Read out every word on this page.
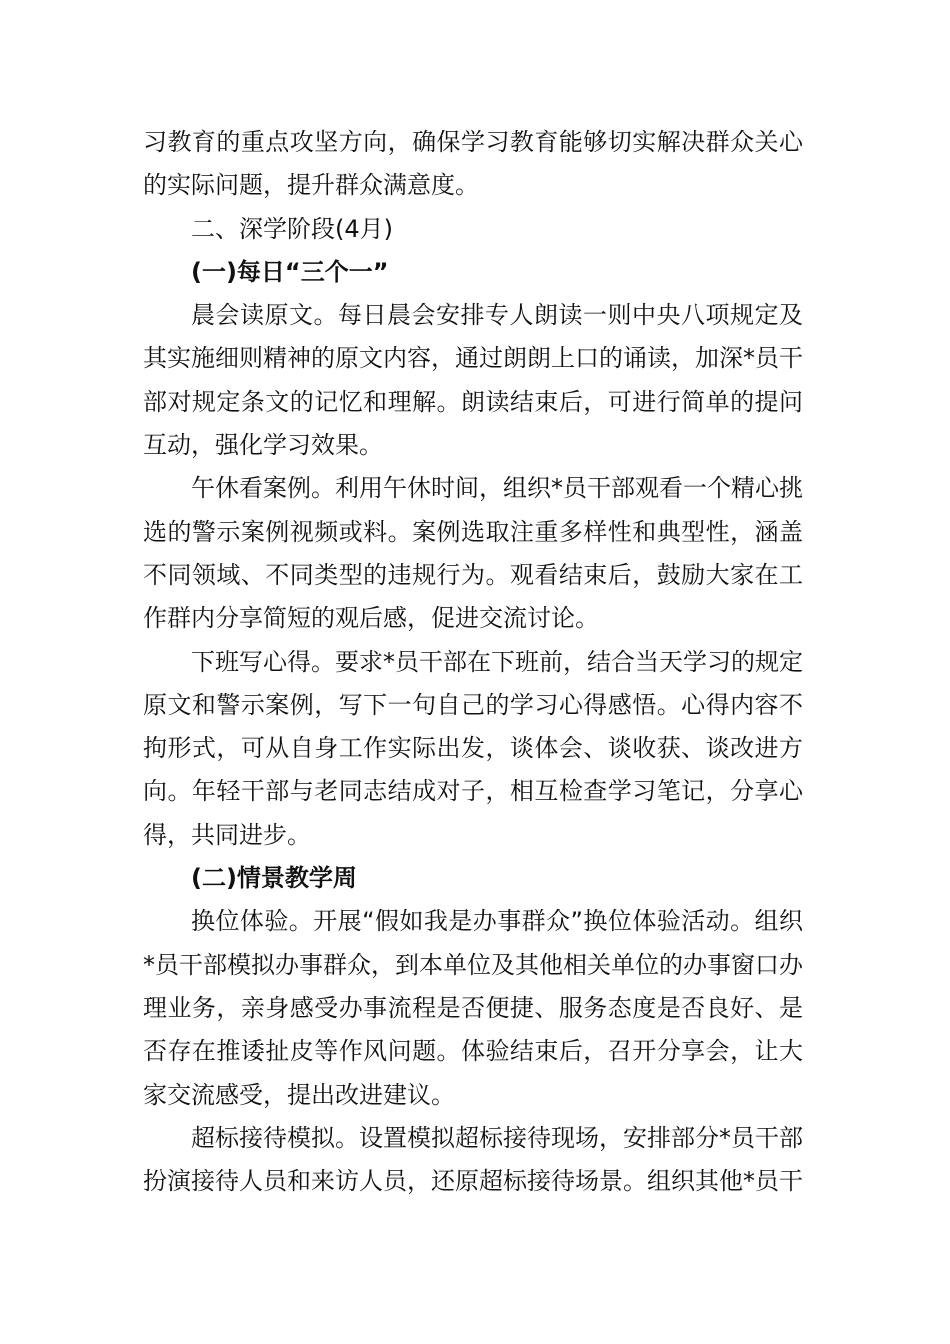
习教育的重点攻坚方向，确保学习教育能够切实解决群众关心的实际问题，提升群众满意度。

二、深学阶段(4月)

(一)每日“三个一”

晨会读原文。每日晨会安排专人朗读一则中央八项规定及其实施细则精神的原文内容，通过朗朗上口的诵读，加深*员干部对规定条文的记忆和理解。朗读结束后，可进行简单的提问互动，强化学习效果。

午休看案例。利用午休时间，组织*员干部观看一个精心挑选的警示案例视频或料。案例选取注重多样性和典型性，涵盖不同领域、不同类型的违规行为。观看结束后，鼓励大家在工作群内分享简短的观后感，促进交流讨论。

下班写心得。要求*员干部在下班前，结合当天学习的规定原文和警示案例，写下一句自己的学习心得感悟。心得内容不拘形式，可从自身工作实际出发，谈体会、谈收获、谈改进方向。年轻干部与老同志结成对子，相互检查学习笔记，分享心得，共同进步。

(二)情景教学周

换位体验。开展“假如我是办事群众”换位体验活动。组织*员干部模拟办事群众，到本单位及其他相关单位的办事窗口办理业务，亲身感受办事流程是否便捷、服务态度是否良好、是否存在推诿扯皮等作风问题。体验结束后，召开分享会，让大家交流感受，提出改进建议。

超标接待模拟。设置模拟超标接待现场，安排部分*员干部扮演接待人员和来访人员，还原超标接待场景。组织其他*员干
